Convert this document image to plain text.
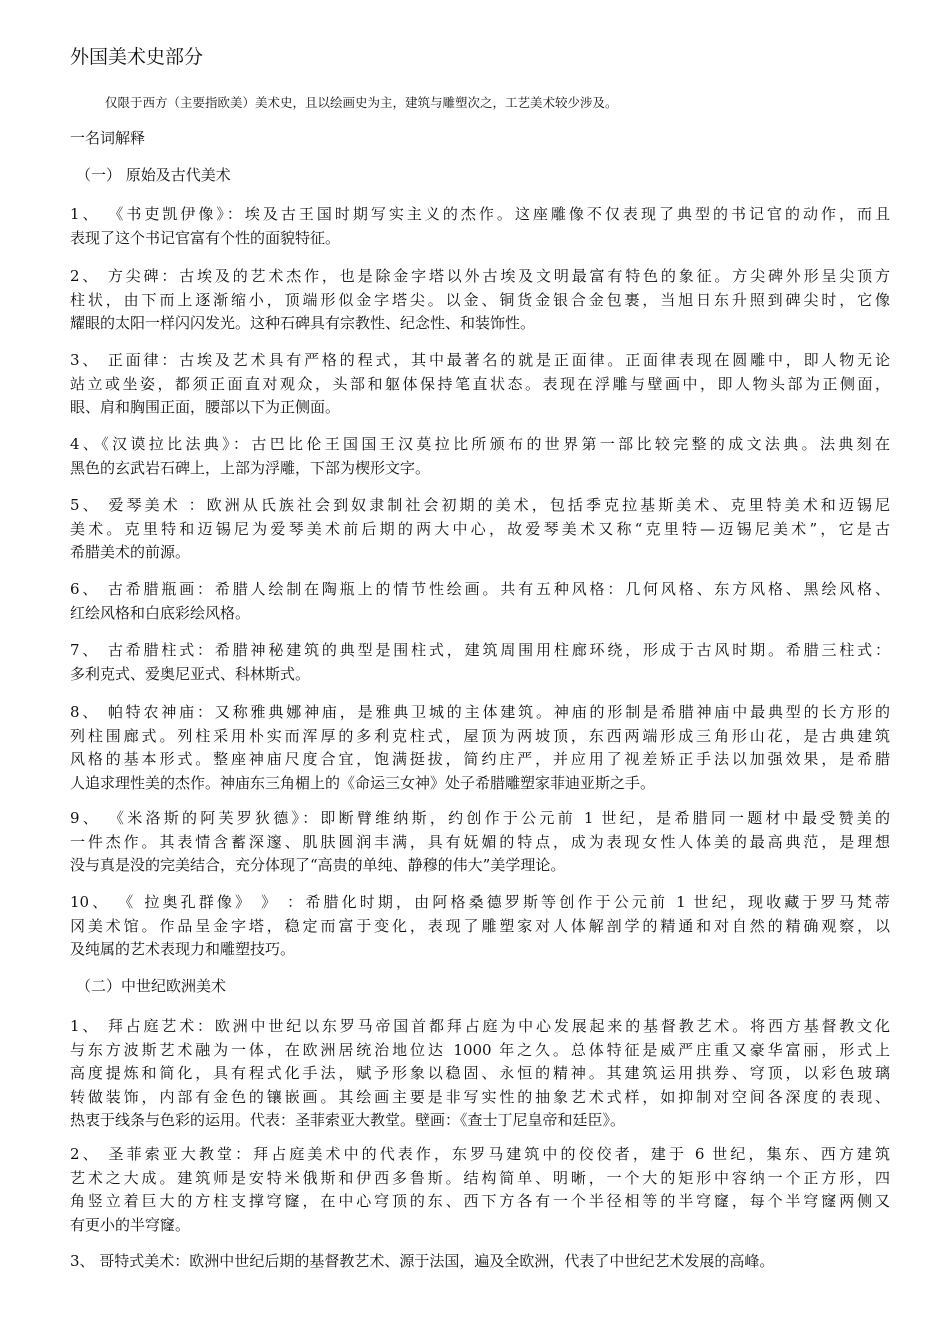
外国美术史部分
仅限于西方（主要指欧美）美术史，且以绘画史为主，建筑与雕塑次之，工艺美术较少涉及。
一名词解释
（一） 原始及古代美术
1、 《书吏凯伊像》：埃及古王国时期写实主义的杰作。这座雕像不仅表现了典型的书记官的动作，而且
表现了这个书记官富有个性的面貌特征。
2、 方尖碑：古埃及的艺术杰作，也是除金字塔以外古埃及文明最富有特色的象征。方尖碑外形呈尖顶方
柱状，由下而上逐渐缩小，顶端形似金字塔尖。以金、铜货金银合金包裹，当旭日东升照到碑尖时，它像
耀眼的太阳一样闪闪发光。这种石碑具有宗教性、纪念性、和装饰性。
3、 正面律：古埃及艺术具有严格的程式，其中最著名的就是正面律。正面律表现在圆雕中，即人物无论
站立或坐姿，都须正面直对观众，头部和躯体保持笔直状态。表现在浮雕与壁画中，即人物头部为正侧面，
眼、肩和胸围正面，腰部以下为正侧面。
4、《汉谟拉比法典》：古巴比伦王国国王汉莫拉比所颁布的世界第一部比较完整的成文法典。法典刻在
黑色的玄武岩石碑上，上部为浮雕，下部为楔形文字。
5、 爱琴美术 ：欧洲从氏族社会到奴隶制社会初期的美术，包括季克拉基斯美术、克里特美术和迈锡尼
美术。克里特和迈锡尼为爱琴美术前后期的两大中心，故爱琴美术又称“克里特—迈锡尼美术”，它是古
希腊美术的前源。
6、 古希腊瓶画：希腊人绘制在陶瓶上的情节性绘画。共有五种风格：几何风格、东方风格、黑绘风格、
红绘风格和白底彩绘风格。
7、 古希腊柱式：希腊神秘建筑的典型是围柱式，建筑周围用柱廊环绕，形成于古风时期。希腊三柱式：
多利克式、爱奥尼亚式、科林斯式。
8、 帕特农神庙：又称雅典娜神庙，是雅典卫城的主体建筑。神庙的形制是希腊神庙中最典型的长方形的
列柱围廊式。列柱采用朴实而浑厚的多利克柱式，屋顶为两坡顶，东西两端形成三角形山花，是古典建筑
风格的基本形式。整座神庙尺度合宜，饱满挺拔，简约庄严，并应用了视差矫正手法以加强效果，是希腊
人追求理性美的杰作。神庙东三角楣上的《命运三女神》处子希腊雕塑家菲迪亚斯之手。
9、 《米洛斯的阿芙罗狄德》：即断臂维纳斯，约创作于公元前 1 世纪，是希腊同一题材中最受赞美的
一件杰作。其表情含蓄深邃、肌肤圆润丰满，具有妩媚的特点，成为表现女性人体美的最高典范，是理想
没与真是没的完美结合，充分体现了“高贵的单纯、静穆的伟大”美学理论。
10、 《 拉奥孔群像》 》 ：希腊化时期，由阿格桑德罗斯等创作于公元前 1 世纪，现收藏于罗马梵蒂
冈美术馆。作品呈金字塔，稳定而富于变化，表现了雕塑家对人体解剖学的精通和对自然的精确观察，以
及纯属的艺术表现力和雕塑技巧。
（二）中世纪欧洲美术
1、 拜占庭艺术：欧洲中世纪以东罗马帝国首都拜占庭为中心发展起来的基督教艺术。将西方基督教文化
与东方波斯艺术融为一体，在欧洲居统治地位达 1000 年之久。总体特征是威严庄重又豪华富丽，形式上
高度提炼和简化，具有程式化手法，赋予形象以稳固、永恒的精神。其建筑运用拱券、穹顶，以彩色玻璃
转做装饰，内部有金色的镶嵌画。其绘画主要是非写实性的抽象艺术式样，如抑制对空间各深度的表现、
热衷于线条与色彩的运用。代表：圣菲索亚大教堂。壁画：《查士丁尼皇帝和廷臣》。
2、 圣菲索亚大教堂：拜占庭美术中的代表作，东罗马建筑中的佼佼者，建于 6 世纪，集东、西方建筑
艺术之大成。建筑师是安特米俄斯和伊西多鲁斯。结构简单、明晰，一个大的矩形中容纳一个正方形，四
角竖立着巨大的方柱支撑穹窿，在中心穹顶的东、西下方各有一个半径相等的半穹窿，每个半穹窿两侧又
有更小的半穹窿。
3、 哥特式美术：欧洲中世纪后期的基督教艺术、源于法国，遍及全欧洲，代表了中世纪艺术发展的高峰。
